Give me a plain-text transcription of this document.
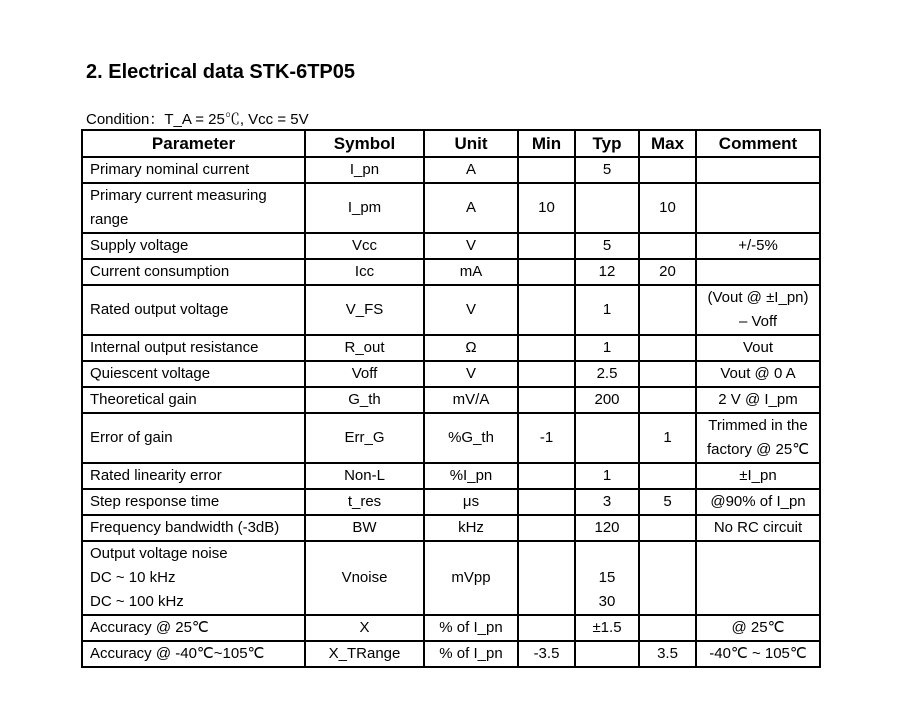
2. Electrical data STK-6TP05
Condition：T_A = 25℃, Vcc = 5V
Parameter	Symbol	Unit	Min	Typ	Max	Comment
Primary nominal current	I_pn	A		5		

Primary current measuring
range	I_pm	A	10		10	
Supply voltage	Vcc	V		5		+/-5%
Current consumption	Icc	mA		12	20	
Rated output voltage	V_FS	V		1		(Vout @ ±I_pn)
– Voff

Internal output resistance	R_out	Ω		1		Vout
Quiescent voltage	Voff	V		2.5		Vout @ 0 A
Theoretical gain	G_th	mV/A		200		2 V @ I_pm
Error of gain	Err_G	%G_th	-1		1	Trimmed in the
factory @ 25℃

Rated linearity error	Non-L	%I_pn		1		±I_pn
Step response time	t_res	μs		3	5	@90% of I_pn
Frequency bandwidth (-3dB)	BW	kHz		120		No RC circuit

Output voltage noise
DC ~ 10 kHz
DC ~ 100 kHz	Vnoise	mVpp		15
30		

Accuracy @ 25℃	X	% of I_pn		±1.5		@ 25℃
Accuracy @ -40℃~105℃	X_TRange	% of I_pn	-3.5		3.5	-40℃ ~ 105℃
